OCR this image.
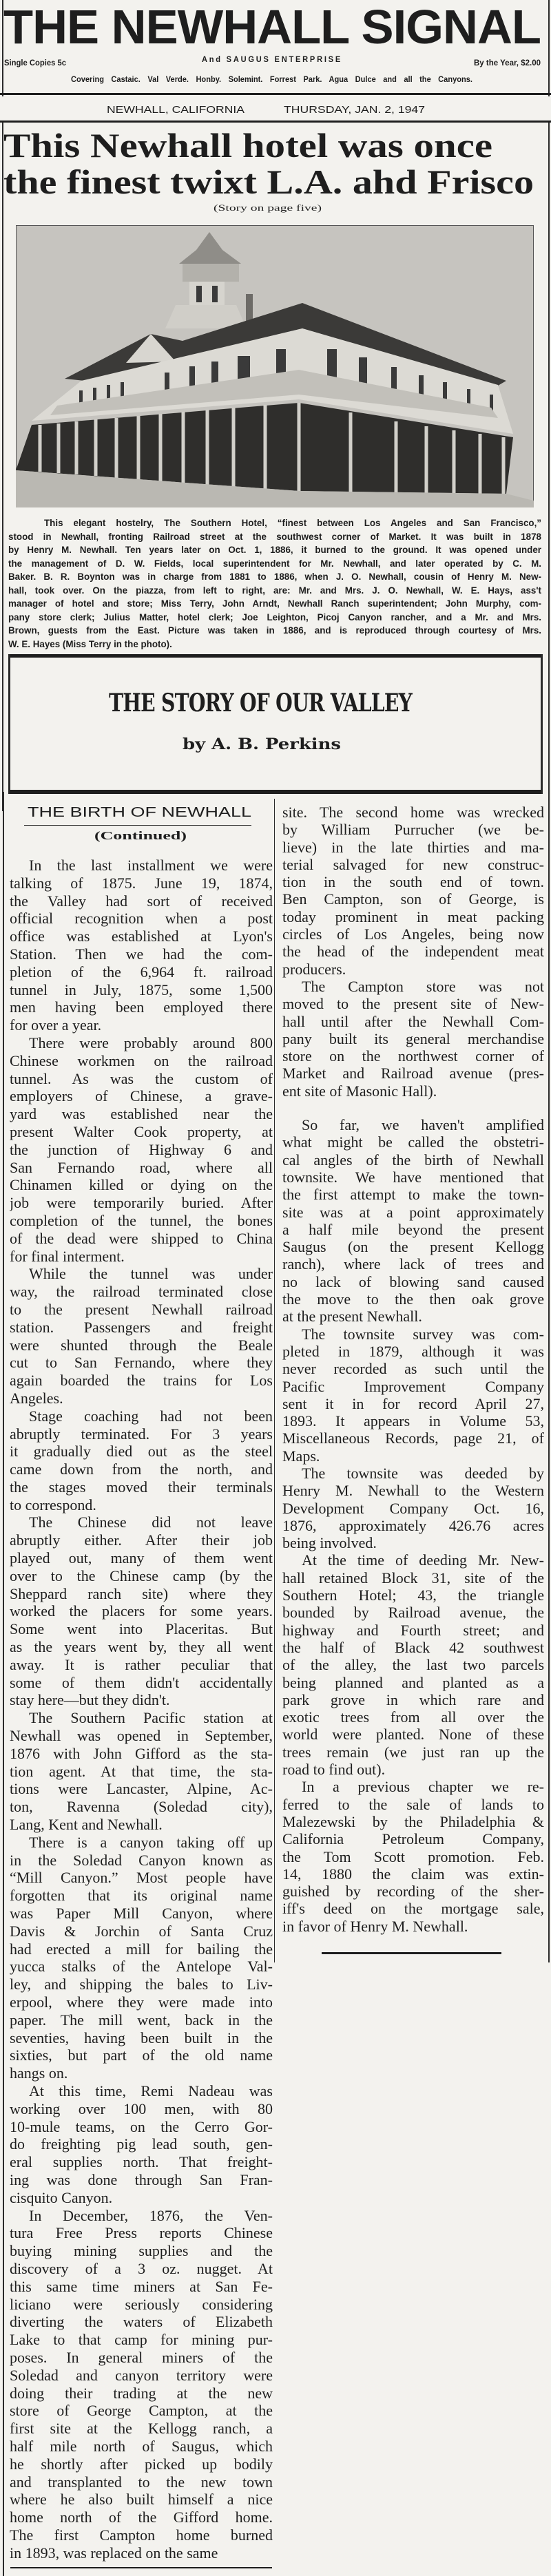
THE NEWHALL SIGNAL
And SAUGUS ENTERPRISE
Single Copies 5c	By the Year, $2.00
Covering Castaic. Val Verde. Honby. Solemint. Forrest Park. Agua Dulce and all the Canyons.
NEWHALL, CALIFORNIA	THURSDAY, JAN. 2, 1947
This Newhall hotel was once
the finest twixt L.A. ahd Frisco
(Story on page five)
This elegant hostelry, The Southern Hotel, “finest between Los Angeles and San Francisco,”
stood in Newhall, fronting Railroad street at the southwest corner of Market. It was built in 1878
by Henry M. Newhall. Ten years later on Oct. 1, 1886, it burned to the ground. It was opened under
the management of D. W. Fields, local superintendent for Mr. Newhall, and later operated by C. M.
Baker. B. R. Boynton was in charge from 1881 to 1886, when J. O. Newhall, cousin of Henry M. New-
hall, took over. On the piazza, from left to right, are: Mr. and Mrs. J. O. Newhall, W. E. Hays, ass't
manager of hotel and store; Miss Terry, John Arndt, Newhall Ranch superintendent; John Murphy, com-
pany store clerk; Julius Matter, hotel clerk; Joe Leighton, Picoj Canyon rancher, and a Mr. and Mrs.
Brown, guests from the East. Picture was taken in 1886, and is reproduced through courtesy of Mrs.
W. E. Hayes (Miss Terry in the photo).
THE STORY OF OUR VALLEY
by A. B. Perkins
THE BIRTH OF NEWHALL
(Continued)
In the last installment we were
talking of 1875. June 19, 1874,
the Valley had sort of received
official recognition when a post
office was established at Lyon's
Station. Then we had the com-
pletion of the 6,964 ft. railroad
tunnel in July, 1875, some 1,500
men having been employed there
for over a year.
There were probably around 800
Chinese workmen on the railroad
tunnel. As was the custom of
employers of Chinese, a grave-
yard was established near the
present Walter Cook property, at
the junction of Highway 6 and
San Fernando road, where all
Chinamen killed or dying on the
job were temporarily buried. After
completion of the tunnel, the bones
of the dead were shipped to China
for final interment.
While the tunnel was under
way, the railroad terminated close
to the present Newhall railroad
station. Passengers and freight
were shunted through the Beale
cut to San Fernando, where they
again boarded the trains for Los
Angeles.
Stage coaching had not been
abruptly terminated. For 3 years
it gradually died out as the steel
came down from the north, and
the stages moved their terminals
to correspond.
The Chinese did not leave
abruptly either. After their job
played out, many of them went
over to the Chinese camp (by the
Sheppard ranch site) where they
worked the placers for some years.
Some went into Placeritas. But
as the years went by, they all went
away. It is rather peculiar that
some of them didn't accidentally
stay here—but they didn't.
The Southern Pacific station at
Newhall was opened in September,
1876 with John Gifford as the sta-
tion agent. At that time, the sta-
tions were Lancaster, Alpine, Ac-
ton, Ravenna (Soledad city),
Lang, Kent and Newhall.
There is a canyon taking off up
in the Soledad Canyon known as
“Mill Canyon.” Most people have
forgotten that its original name
was Paper Mill Canyon, where
Davis & Jorchin of Santa Cruz
had erected a mill for bailing the
yucca stalks of the Antelope Val-
ley, and shipping the bales to Liv-
erpool, where they were made into
paper. The mill went, back in the
seventies, having been built in the
sixties, but part of the old name
hangs on.
At this time, Remi Nadeau was
working over 100 men, with 80
10-mule teams, on the Cerro Gor-
do freighting pig lead south, gen-
eral supplies north. That freight-
ing was done through San Fran-
cisquito Canyon.
In December, 1876, the Ven-
tura Free Press reports Chinese
buying mining supplies and the
discovery of a 3 oz. nugget. At
this same time miners at San Fe-
liciano were seriously considering
diverting the waters of Elizabeth
Lake to that camp for mining pur-
poses. In general miners of the
Soledad and canyon territory were
doing their trading at the new
store of George Campton, at the
first site at the Kellogg ranch, a
half mile north of Saugus, which
he shortly after picked up bodily
and transplanted to the new town
where he also built himself a nice
home north of the Gifford home.
The first Campton home burned
in 1893, was replaced on the same
site. The second home was wrecked
by William Purrucher (we be-
lieve) in the late thirties and ma-
terial salvaged for new construc-
tion in the south end of town.
Ben Campton, son of George, is
today prominent in meat packing
circles of Los Angeles, being now
the head of the independent meat
producers.
The Campton store was not
moved to the present site of New-
hall until after the Newhall Com-
pany built its general merchandise
store on the northwest corner of
Market and Railroad avenue (pres-
ent site of Masonic Hall).
So far, we haven't amplified
what might be called the obstetri-
cal angles of the birth of Newhall
townsite. We have mentioned that
the first attempt to make the town-
site was at a point approximately
a half mile beyond the present
Saugus (on the present Kellogg
ranch), where lack of trees and
no lack of blowing sand caused
the move to the then oak grove
at the present Newhall.
The townsite survey was com-
pleted in 1879, although it was
never recorded as such until the
Pacific Improvement Company
sent it in for record April 27,
1893. It appears in Volume 53,
Miscellaneous Records, page 21, of
Maps.
The townsite was deeded by
Henry M. Newhall to the Western
Development Company Oct. 16,
1876, approximately 426.76 acres
being involved.
At the time of deeding Mr. New-
hall retained Block 31, site of the
Southern Hotel; 43, the triangle
bounded by Railroad avenue, the
highway and Fourth street; and
the half of Black 42 southwest
of the alley, the last two parcels
being planned and planted as a
park grove in which rare and
exotic trees from all over the
world were planted. None of these
trees remain (we just ran up the
road to find out).
In a previous chapter we re-
ferred to the sale of lands to
Malezewski by the Philadelphia &
California Petroleum Company,
the Tom Scott promotion. Feb.
14, 1880 the claim was extin-
guished by recording of the sher-
iff's deed on the mortgage sale,
in favor of Henry M. Newhall.
